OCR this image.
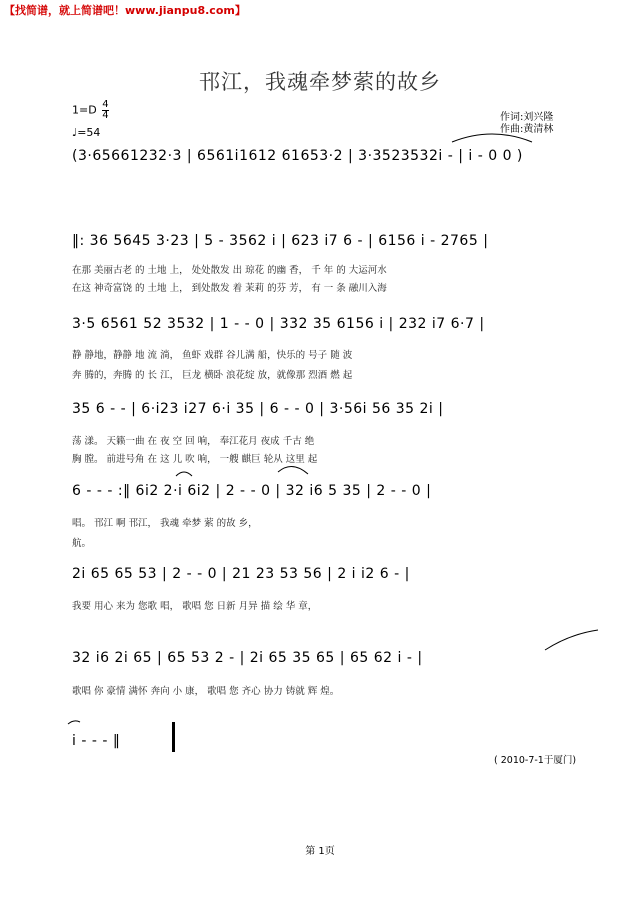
【找简谱，就上简谱吧！www.jianpu8.com】
邗江，我魂牵梦萦的故乡
$1=D \frac{4}{4}$
♩=54
作词:刘兴隆
作曲:黄清林
(3·65661232·3 | 6561i1612 61653·2 | 3·3523532i - | i - 0 0 )
‖: 36 5645 3·23 | 5 - 3562 i | 623 i7 6 - | 6156 i - 2765 |
在那 美丽古老 的 土地 上， 处处散发 出 琼花 的幽 香， 千 年 的 大运河水
在这 神奇富饶 的 土地 上， 到处散发 着 茉莉 的芬 芳， 有 一 条 融川入海
3·5 6561 52 3532 | 1 - - 0 | 332 35 6156 i | 232 i7 6·7 |
静 静地，静静 地 流 淌， 鱼虾 戏群 谷儿满 船，快乐的 号子 随 波
奔 腾的，奔腾 的 长 江， 巨龙 横卧 浪花绽 放，就像那 烈酒 燃 起
35 6 - - | 6·i23 i27 6·i 35 | 6 - - 0 | 3·56i 56 35 2i |
荡 漾。 天籁一曲 在 夜 空 回 响， 奉江花月 夜成 千古 绝
胸 膛。 前进号角 在 这 儿 吹 响， 一艘 麒巨 轮从 这里 起
6 - - - :‖ 6i2 2·i 6i2 | 2 - - 0 | 32 i6 5 35 | 2 - - 0 |
唱。 邗江 啊 邗江， 我魂 牵梦 萦 的故 乡，
航。
2i 65 65 53 | 2 - - 0 | 21 23 53 56 | 2 i i2 6 - |
我要 用心 来为 您歌 唱， 歌唱 您 日新 月异 描 绘 华 章，
32 i6 2i 65 | 65 53 2 - | 2i 65 35 65 | 65 62 i - |
歌唱 你 豪情 满怀 奔向 小 康， 歌唱 您 齐心 协力 铸就 辉 煌。
i - - - ‖
( 2010-7-1于厦门)
第 1页
